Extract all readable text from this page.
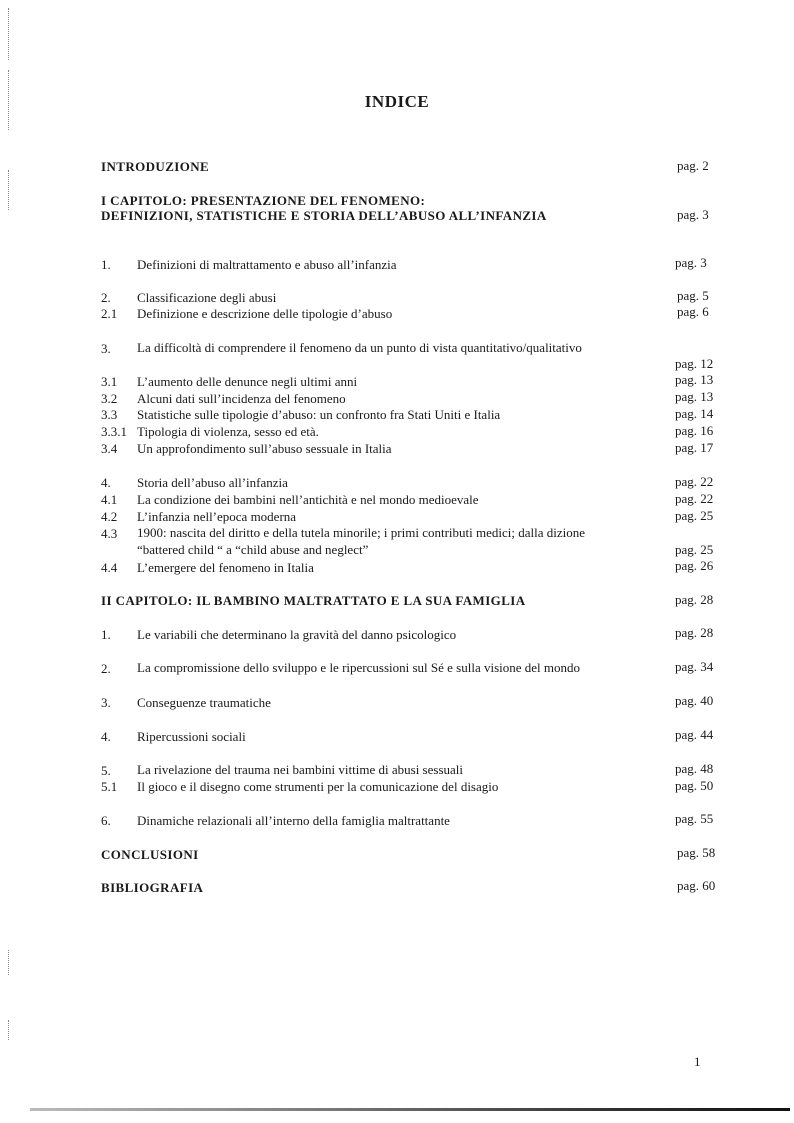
INDICE
INTRODUZIONE	pag. 2
I CAPITOLO: PRESENTAZIONE DEL FENOMENO:
DEFINIZIONI, STATISTICHE E STORIA DELL’ABUSO ALL’INFANZIA	pag. 3
1. Definizioni di maltrattamento e abuso all’infanzia	pag. 3
2. Classificazione degli abusi	pag. 5
2.1 Definizione e descrizione delle tipologie d’abuso	pag. 6
3. La difficoltà di comprendere il fenomeno da un punto di vista quantitativo/qualitativo
pag. 12
3.1 L’aumento delle denunce negli ultimi anni	pag. 13
3.2 Alcuni dati sull’incidenza del fenomeno	pag. 13
3.3 Statistiche sulle tipologie d’abuso: un confronto fra Stati Uniti e Italia	pag. 14
3.3.1 Tipologia di violenza, sesso ed età.	pag. 16
3.4 Un approfondimento sull’abuso sessuale in Italia	pag. 17
4. Storia dell’abuso all’infanzia	pag. 22
4.1 La condizione dei bambini nell’antichità e nel mondo medioevale	pag. 22
4.2 L’infanzia nell’epoca moderna	pag. 25
4.3 1900: nascita del diritto e della tutela minorile; i primi contributi medici; dalla dizione
“battered child “ a “child abuse and neglect”	pag. 25
4.4 L’emergere del fenomeno in Italia	pag. 26
II CAPITOLO: IL BAMBINO MALTRATTATO E LA SUA FAMIGLIA	pag. 28
1. Le variabili che determinano la gravità del danno psicologico	pag. 28
2. La compromissione dello sviluppo e le ripercussioni sul Sé e sulla visione del mondo	pag. 34
3. Conseguenze traumatiche	pag. 40
4. Ripercussioni sociali	pag. 44
5. La rivelazione del trauma nei bambini vittime di abusi sessuali	pag. 48
5.1 Il gioco e il disegno come strumenti per la comunicazione del disagio	pag. 50
6. Dinamiche relazionali all’interno della famiglia maltrattante	pag. 55
CONCLUSIONI	pag. 58
BIBLIOGRAFIA	pag. 60
1
